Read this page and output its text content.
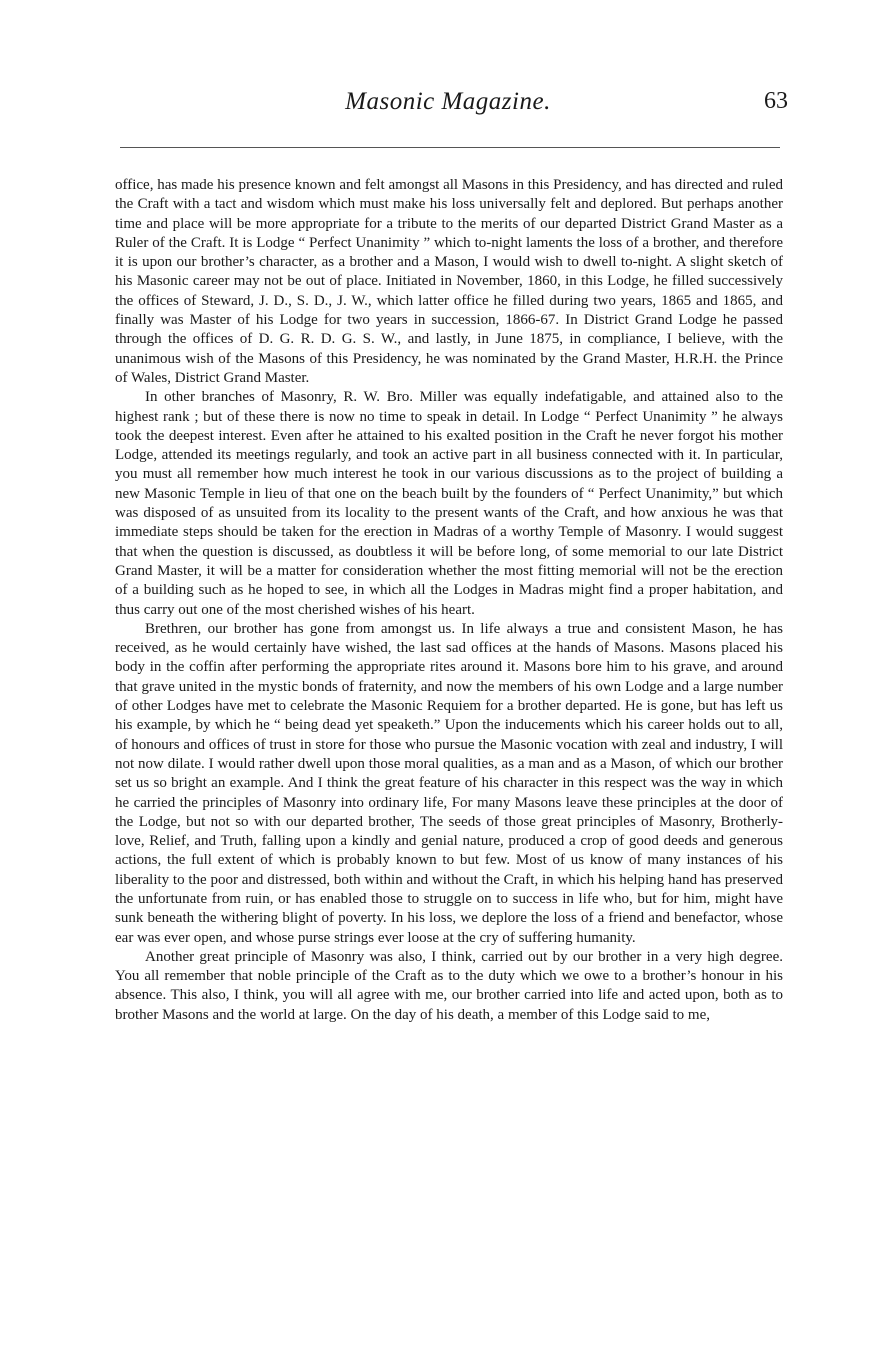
Masonic Magazine.	63

office, has made his presence known and felt amongst all Masons in this Presidency, and has directed and ruled the Craft with a tact and wisdom which must make his loss universally felt and deplored. But perhaps another time and place will be more appropriate for a tribute to the merits of our departed District Grand Master as a Ruler of the Craft. It is Lodge “ Perfect Unanimity ” which to-night laments the loss of a brother, and therefore it is upon our brother’s character, as a brother and a Mason, I would wish to dwell to-night. A slight sketch of his Masonic career may not be out of place. Initiated in November, 1860, in this Lodge, he filled successively the offices of Steward, J. D., S. D., J. W., which latter office he filled during two years, 1865 and 1865, and finally was Master of his Lodge for two years in succession, 1866-67. In District Grand Lodge he passed through the offices of D. G. R. D. G. S. W., and lastly, in June 1875, in compliance, I believe, with the unanimous wish of the Masons of this Presidency, he was nominated by the Grand Master, H.R.H. the Prince of Wales, District Grand Master.

In other branches of Masonry, R. W. Bro. Miller was equally indefatigable, and attained also to the highest rank ; but of these there is now no time to speak in detail. In Lodge “ Perfect Unanimity ” he always took the deepest interest. Even after he attained to his exalted position in the Craft he never forgot his mother Lodge, attended its meetings regularly, and took an active part in all business connected with it. In particular, you must all remember how much interest he took in our various discussions as to the project of building a new Masonic Temple in lieu of that one on the beach built by the founders of “ Perfect Unanimity,” but which was disposed of as unsuited from its locality to the present wants of the Craft, and how anxious he was that immediate steps should be taken for the erection in Madras of a worthy Temple of Masonry. I would suggest that when the question is discussed, as doubtless it will be before long, of some memorial to our late District Grand Master, it will be a matter for consideration whether the most fitting memorial will not be the erection of a building such as he hoped to see, in which all the Lodges in Madras might find a proper habitation, and thus carry out one of the most cherished wishes of his heart.

Brethren, our brother has gone from amongst us. In life always a true and consistent Mason, he has received, as he would certainly have wished, the last sad offices at the hands of Masons. Masons placed his body in the coffin after performing the appropriate rites around it. Masons bore him to his grave, and around that grave united in the mystic bonds of fraternity, and now the members of his own Lodge and a large number of other Lodges have met to celebrate the Masonic Requiem for a brother departed. He is gone, but has left us his example, by which he “ being dead yet speaketh.” Upon the inducements which his career holds out to all, of honours and offices of trust in store for those who pursue the Masonic vocation with zeal and industry, I will not now dilate. I would rather dwell upon those moral qualities, as a man and as a Mason, of which our brother set us so bright an example. And I think the great feature of his character in this respect was the way in which he carried the principles of Masonry into ordinary life, For many Masons leave these principles at the door of the Lodge, but not so with our departed brother, The seeds of those great principles of Masonry, Brotherly-love, Relief, and Truth, falling upon a kindly and genial nature, produced a crop of good deeds and generous actions, the full extent of which is probably known to but few. Most of us know of many instances of his liberality to the poor and distressed, both within and without the Craft, in which his helping hand has preserved the unfortunate from ruin, or has enabled those to struggle on to success in life who, but for him, might have sunk beneath the withering blight of poverty. In his loss, we deplore the loss of a friend and benefactor, whose ear was ever open, and whose purse strings ever loose at the cry of suffering humanity.

Another great principle of Masonry was also, I think, carried out by our brother in a very high degree. You all remember that noble principle of the Craft as to the duty which we owe to a brother’s honour in his absence. This also, I think, you will all agree with me, our brother carried into life and acted upon, both as to brother Masons and the world at large. On the day of his death, a member of this Lodge said to me,
